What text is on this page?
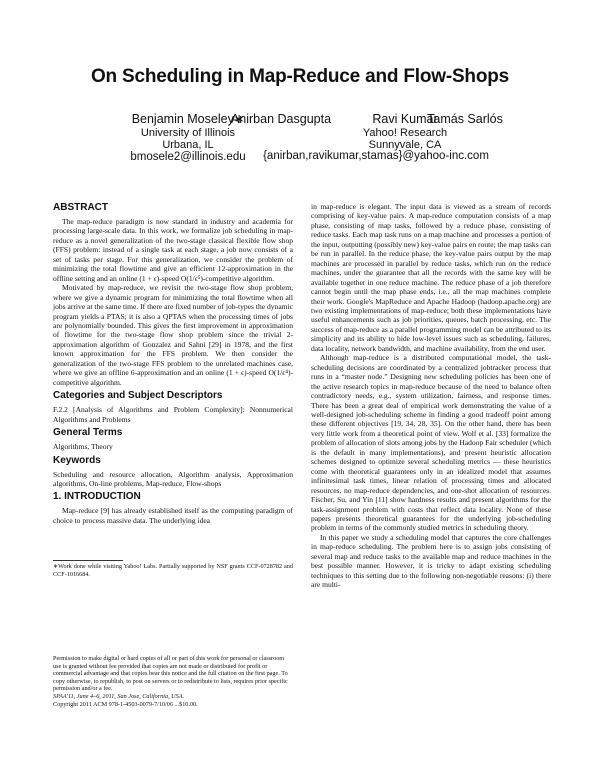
On Scheduling in Map-Reduce and Flow-Shops
Benjamin Moseley∗
University of Illinois
Urbana, IL
bmosele2@illinois.edu
Anirban Dasgupta	Ravi Kumar
Yahoo! Research
Sunnyvale, CA
{anirban,ravikumar,stamas}@yahoo-inc.com
Tamás Sarlós
ABSTRACT

The map-reduce paradigm is now standard in industry and academia for processing large-scale data. In this work, we formalize job scheduling in map-reduce as a novel generalization of the two-stage classical flexible flow shop (FFS) problem: instead of a single task at each stage, a job now consists of a set of tasks per stage. For this generalization, we consider the problem of minimizing the total flowtime and give an efficient 12-approximation in the offline setting and an online (1 + ϵ)-speed O(1/ϵ⁵)-competitive algorithm.

Motivated by map-reduce, we revisit the two-stage flow shop problem, where we give a dynamic program for minimizing the total flowtime when all jobs arrive at the same time. If there are fixed number of job-types the dynamic program yields a PTAS; it is also a QPTAS when the processing times of jobs are polynomially bounded. This gives the first improvement in approximation of flowtime for the two-stage flow shop problem since the trivial 2-approximation algorithm of Gonzalez and Sahni [29] in 1978, and the first known approximation for the FFS problem. We then consider the generalization of the two-stage FFS problem to the unrelated machines case, where we give an offline 6-approximation and an online (1 + ϵ)-speed O(1/ϵ⁴)-competitive algorithm.

Categories and Subject Descriptors

F.2.2 [Analysis of Algorithms and Problem Complexity]: Nonnumerical Algorithms and Problems

General Terms

Algorithms, Theory

Keywords

Scheduling and resource allocation, Algorithm analysis, Approximation algorithms, On-line problems, Map-reduce, Flow-shops

1. INTRODUCTION

Map-reduce [9] has already established itself as the computing paradigm of choice to process massive data. The underlying idea

∗Work done while visiting Yahoo! Labs. Partially supported by NSF grants CCF-0728782 and CCF-1016684.

Permission to make digital or hard copies of all or part of this work for personal or classroom use is granted without fee provided that copies are not made or distributed for profit or commercial advantage and that copies bear this notice and the full citation on the first page. To copy otherwise, to republish, to post on servers or to redistribute to lists, requires prior specific permission and/or a fee.

SPAA'11, June 4–6, 2011, San Jose, California, USA.

Copyright 2011 ACM 978-1-4503-0079-7/10/06 ...$10.00.

in map-reduce is elegant. The input data is viewed as a stream of records comprising of key-value pairs. A map-reduce computation consists of a map phase, consisting of map tasks, followed by a reduce phase, consisting of reduce tasks. Each map task runs on a map machine and processes a portion of the input, outputting (possibly new) key-value pairs en route; the map tasks can be run in parallel. In the reduce phase, the key-value pairs output by the map machines are processed in parallel by reduce tasks, which run on the reduce machines, under the guarantee that all the records with the same key will be available together in one reduce machine. The reduce phase of a job therefore cannot begin until the map phase ends, i.e., all the map machines complete their work. Google's MapReduce and Apache Hadoop (hadoop.apache.org) are two existing implementations of map-reduce; both these implementations have useful enhancements such as job priorities, queues, batch processing, etc. The success of map-reduce as a parallel programming model can be attributed to its simplicity and its ability to hide low-level issues such as scheduling, failures, data locality, network bandwidth, and machine availability, from the end user.

Although map-reduce is a distributed computational model, the task-scheduling decisions are coordinated by a centralized jobtracker process that runs in a “master node.” Designing new scheduling policies has been one of the active research topics in map-reduce because of the need to balance often contradictory needs, e.g., system utilization, fairness, and response times. There has been a great deal of empirical work demonstrating the value of a well-designed job-scheduling scheme in finding a good tradeoff point among these different objectives [19, 34, 28, 35]. On the other hand, there has been very little work from a theoretical point of view. Wolf et al. [33] formalize the problem of allocation of slots among jobs by the Hadoop Fair scheduler (which is the default in many implementations), and present heuristic allocation schemes designed to optimize several scheduling metrics — these heuristics come with theoretical guarantees only in an idealized model that assumes infinitesimal task times, linear relation of processing times and allocated resources, no map-reduce dependencies, and one-shot allocation of resources. Fischer, Su, and Yin [11] show hardness results and present algorithms for the task-assignment problem with costs that reflect data locality. None of these papers presents theoretical guarantees for the underlying job-scheduling problem in terms of the commonly studied metrics in scheduling theory.

In this paper we study a scheduling model that captures the core challenges in map-reduce scheduling. The problem here is to assign jobs consisting of several map and reduce tasks to the available map and reduce machines in the best possible manner. However, it is tricky to adapt existing scheduling techniques to this setting due to the following non-negotiable reasons: (i) there are multi-
